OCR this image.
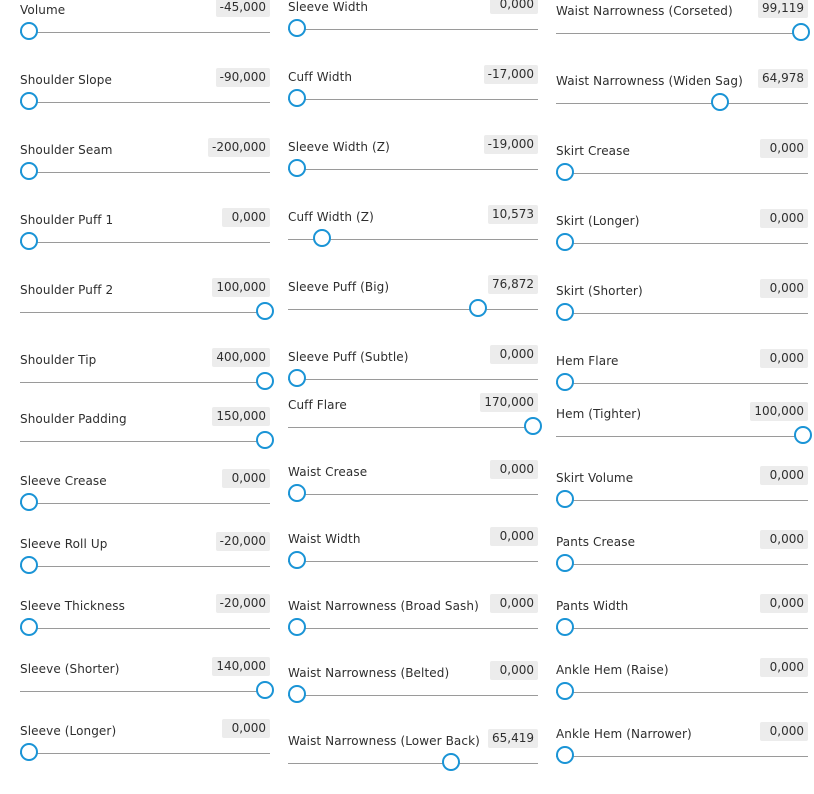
Volume	-45,000
Shoulder Slope	-90,000
Shoulder Seam	-200,000
Shoulder Puff 1	0,000
Shoulder Puff 2	100,000
Shoulder Tip	400,000
Shoulder Padding	150,000
Sleeve Crease	0,000
Sleeve Roll Up	-20,000
Sleeve Thickness	-20,000
Sleeve (Shorter)	140,000
Sleeve (Longer)	0,000
Sleeve Width	0,000
Cuff Width	-17,000
Sleeve Width (Z)	-19,000
Cuff Width (Z)	10,573
Sleeve Puff (Big)	76,872
Sleeve Puff (Subtle)	0,000
Cuff Flare	170,000
Waist Crease	0,000
Waist Width	0,000
Waist Narrowness (Broad Sash)	0,000
Waist Narrowness (Belted)	0,000
Waist Narrowness (Lower Back)	65,419
Waist Narrowness (Corseted)	99,119
Waist Narrowness (Widen Sag)	64,978
Skirt Crease	0,000
Skirt (Longer)	0,000
Skirt (Shorter)	0,000
Hem Flare	0,000
Hem (Tighter)	100,000
Skirt Volume	0,000
Pants Crease	0,000
Pants Width	0,000
Ankle Hem (Raise)	0,000
Ankle Hem (Narrower)	0,000
